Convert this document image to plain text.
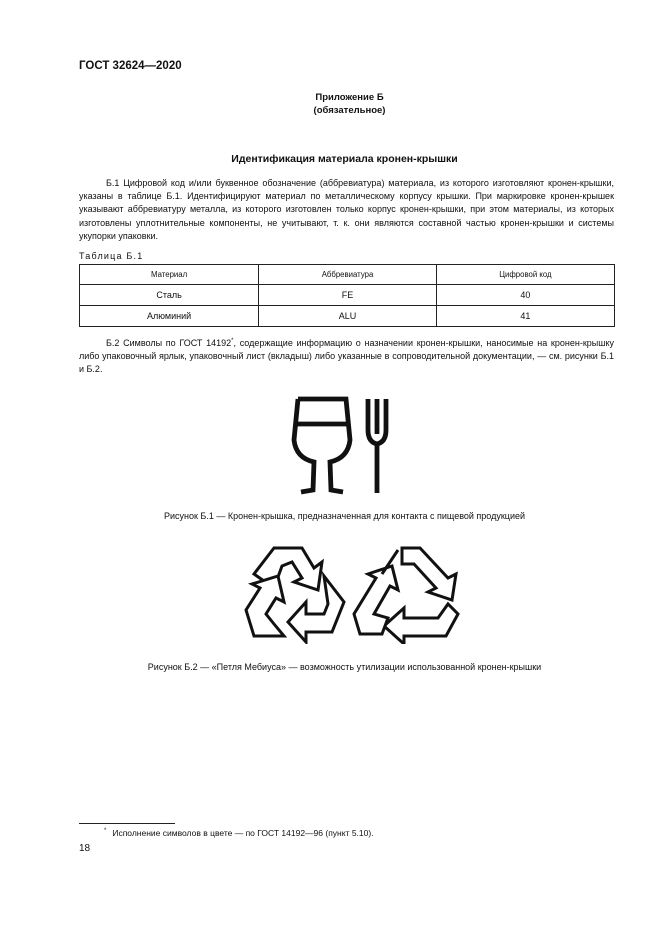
ГОСТ 32624—2020
Приложение Б
(обязательное)
Идентификация материала кронен-крышки
Б.1 Цифровой код и/или буквенное обозначение (аббревиатура) материала, из которого изготовляют кронен-крышки, указаны в таблице Б.1. Идентифицируют материал по металлическому корпусу крышки. При маркировке кронен-крышек указывают аббревиатуру металла, из которого изготовлен только корпус кронен-крышки, при этом материалы, из которых изготовлены уплотнительные компоненты, не учитывают, т. к. они являются составной частью кронен-крышки и системы укупорки упаковки.
Таблица Б.1
Материал	Аббревиатура	Цифровой код
Сталь	FE	40
Алюминий	ALU	41
Б.2 Символы по ГОСТ 14192*, содержащие информацию о назначении кронен-крышки, наносимые на кронен-крышку либо упаковочный ярлык, упаковочный лист (вкладыш) либо указанные в сопроводительной документации, — см. рисунки Б.1 и Б.2.
Рисунок Б.1 — Кронен-крышка, предназначенная для контакта с пищевой продукцией
Рисунок Б.2 — «Петля Мебиуса» — возможность утилизации использованной кронен-крышки
* Исполнение символов в цвете — по ГОСТ 14192—96 (пункт 5.10).
18
